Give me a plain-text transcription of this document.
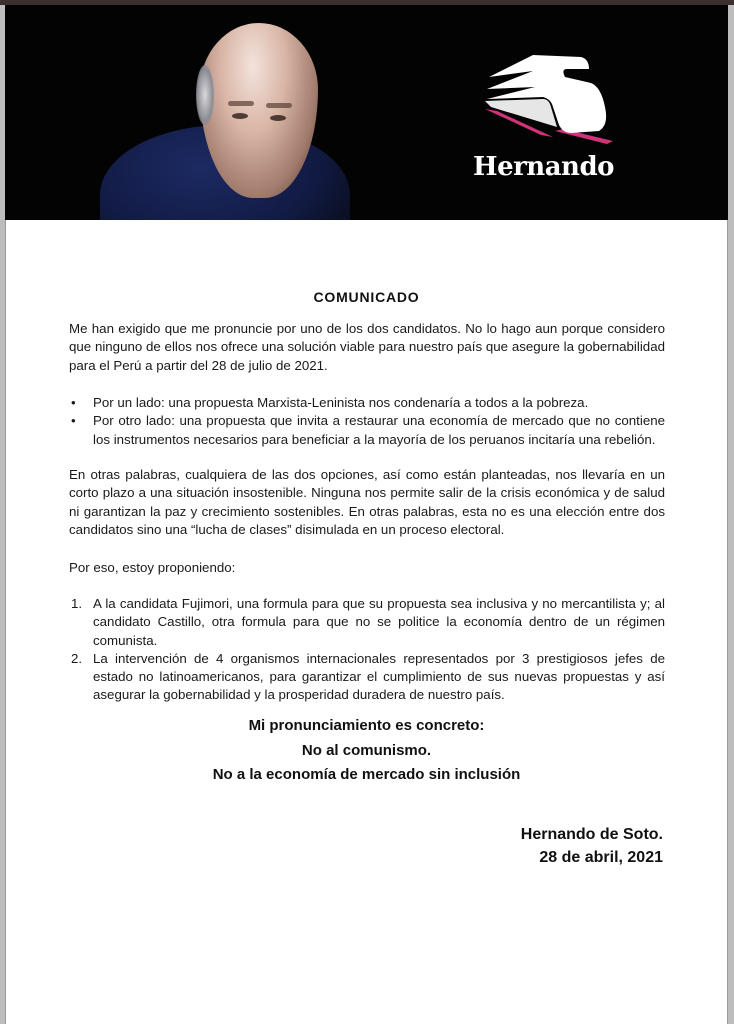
Hernando
COMUNICADO

Me han exigido que me pronuncie por uno de los dos candidatos. No lo hago aun porque considero que ninguno de ellos nos ofrece una solución viable para nuestro país que asegure la gobernabilidad para el Perú a partir del 28 de julio de 2021.

• Por un lado: una propuesta Marxista-Leninista nos condenaría a todos a la pobreza.
• Por otro lado: una propuesta que invita a restaurar una economía de mercado que no contiene los instrumentos necesarios para beneficiar a la mayoría de los peruanos incitaría una rebelión.

En otras palabras, cualquiera de las dos opciones, así como están planteadas, nos llevaría en un corto plazo a una situación insostenible. Ninguna nos permite salir de la crisis económica y de salud ni garantizan la paz y crecimiento sostenibles. En otras palabras, esta no es una elección entre dos candidatos sino una “lucha de clases” disimulada en un proceso electoral.

Por eso, estoy proponiendo:

1. A la candidata Fujimori, una formula para que su propuesta sea inclusiva y no mercantilista y; al candidato Castillo, otra formula para que no se politice la economía dentro de un régimen comunista.
2. La intervención de 4 organismos internacionales representados por 3 prestigiosos jefes de estado no latinoamericanos, para garantizar el cumplimiento de sus nuevas propuestas y así asegurar la gobernabilidad y la prosperidad duradera de nuestro país.
Mi pronunciamiento es concreto:
No al comunismo.
No a la economía de mercado sin inclusión
Hernando de Soto.
28 de abril, 2021
